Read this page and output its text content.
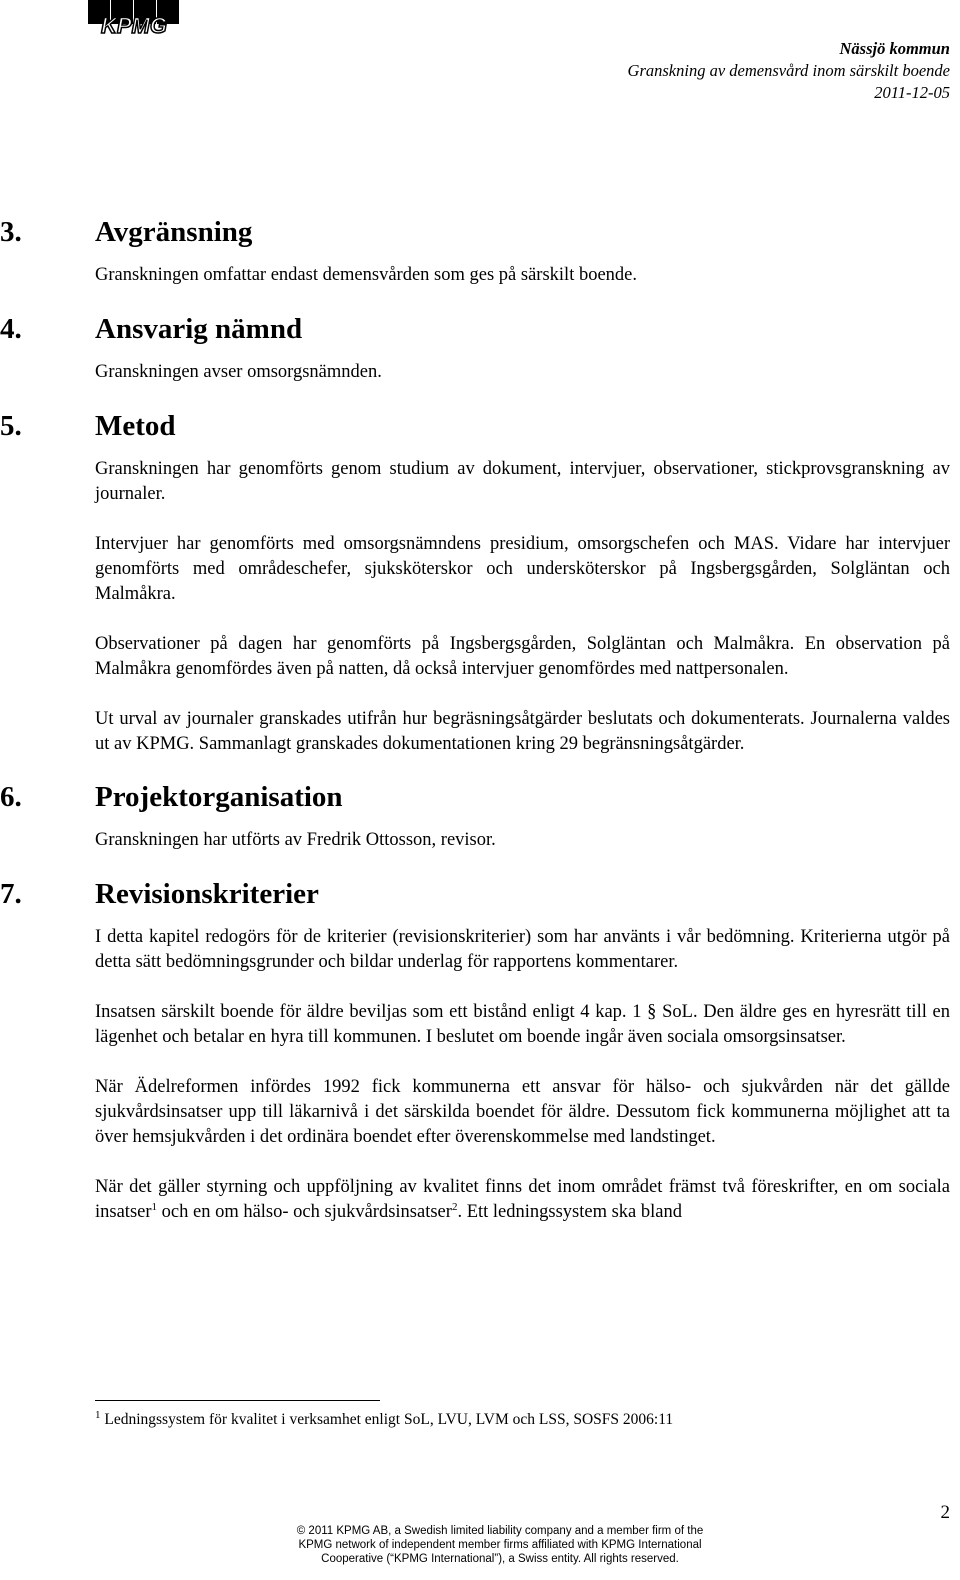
KPMG
Nässjö kommun
Granskning av demensvård inom särskilt boende
2011-12-05
3.	Avgränsning

Granskningen omfattar endast demensvården som ges på särskilt boende.

4.	Ansvarig nämnd

Granskningen avser omsorgsnämnden.

5.	Metod

Granskningen har genomförts genom studium av dokument, intervjuer, observationer, stickprovsgranskning av journaler.

Intervjuer har genomförts med omsorgsnämndens presidium, omsorgschefen och MAS. Vidare har intervjuer genomförts med områdeschefer, sjuksköterskor och undersköterskor på Ingsbergsgården, Solgläntan och Malmåkra.

Observationer på dagen har genomförts på Ingsbergsgården, Solgläntan och Malmåkra. En observation på Malmåkra genomfördes även på natten, då också intervjuer genomfördes med nattpersonalen.

Ut urval av journaler granskades utifrån hur begräsningsåtgärder beslutats och dokumenterats. Journalerna valdes ut av KPMG. Sammanlagt granskades dokumentationen kring 29 begränsningsåtgärder.

6.	Projektorganisation

Granskningen har utförts av Fredrik Ottosson, revisor.

7.	Revisionskriterier

I detta kapitel redogörs för de kriterier (revisionskriterier) som har använts i vår bedömning. Kriterierna utgör på detta sätt bedömningsgrunder och bildar underlag för rapportens kommentarer.

Insatsen särskilt boende för äldre beviljas som ett bistånd enligt 4 kap. 1 § SoL. Den äldre ges en hyresrätt till en lägenhet och betalar en hyra till kommunen. I beslutet om boende ingår även sociala omsorgsinsatser.

När Ädelreformen infördes 1992 fick kommunerna ett ansvar för hälso- och sjukvården när det gällde sjukvårdsinsatser upp till läkarnivå i det särskilda boendet för äldre. Dessutom fick kommunerna möjlighet att ta över hemsjukvården i det ordinära boendet efter överenskommelse med landstinget.

När det gäller styrning och uppföljning av kvalitet finns det inom området främst två föreskrifter, en om sociala insatser$^1$ och en om hälso- och sjukvårdsinsatser$^2$. Ett ledningssystem ska bland

$^1$ Ledningssystem för kvalitet i verksamhet enligt SoL, LVU, LVM och LSS, SOSFS 2006:11
© 2011 KPMG AB, a Swedish limited liability company and a member firm of the
KPMG network of independent member firms affiliated with KPMG International
Cooperative (“KPMG International”), a Swiss entity. All rights reserved.
2
